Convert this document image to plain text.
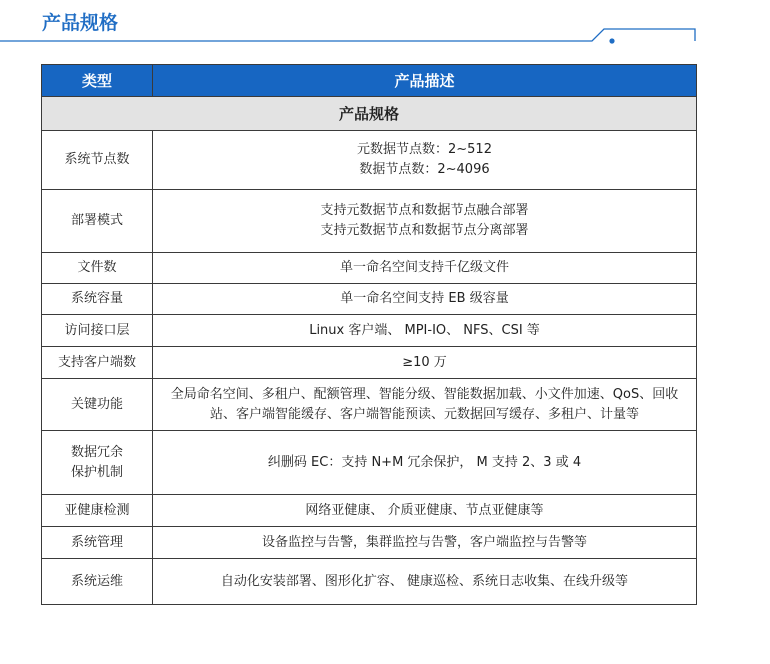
产品规格
类型	产品描述
产品规格	

系统节点数	元数据节点数：2~512
数据节点数：2~4096

部署模式	支持元数据节点和数据节点融合部署
支持元数据节点和数据节点分离部署

文件数	单一命名空间支持千亿级文件

系统容量	单一命名空间支持 EB 级容量

访问接口层	Linux 客户端、 MPI-IO、 NFS、CSI 等

支持客户端数	≥10 万

关键功能	全局命名空间、多租户、配额管理、智能分级、智能数据加载、小文件加速、QoS、回收
站、客户端智能缓存、客户端智能预读、元数据回写缓存、多租户、计量等

数据冗余
保护机制	纠删码 EC：支持 N+M 冗余保护， M 支持 2、3 或 4

亚健康检测	网络亚健康、 介质亚健康、节点亚健康等

系统管理	设备监控与告警，集群监控与告警，客户端监控与告警等

系统运维	自动化安装部署、图形化扩容、 健康巡检、系统日志收集、在线升级等
